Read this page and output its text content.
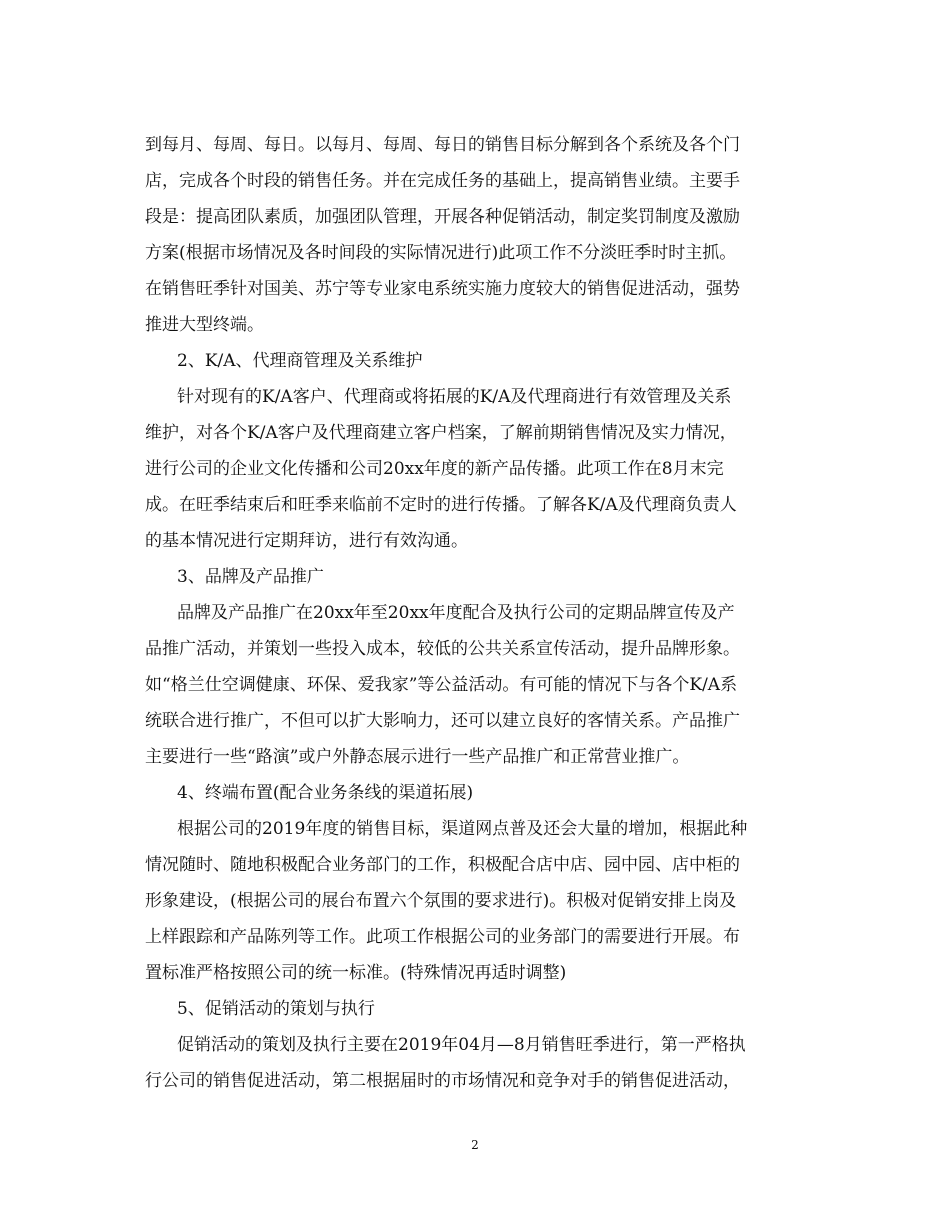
到每月、每周、每日。以每月、每周、每日的销售目标分解到各个系统及各个门
店，完成各个时段的销售任务。并在完成任务的基础上，提高销售业绩。主要手
段是：提高团队素质，加强团队管理，开展各种促销活动，制定奖罚制度及激励
方案(根据市场情况及各时间段的实际情况进行)此项工作不分淡旺季时时主抓。
在销售旺季针对国美、苏宁等专业家电系统实施力度较大的销售促进活动，强势
推进大型终端。
2、K/A、代理商管理及关系维护
针对现有的K/A客户、代理商或将拓展的K/A及代理商进行有效管理及关系
维护，对各个K/A客户及代理商建立客户档案，了解前期销售情况及实力情况，
进行公司的企业文化传播和公司20xx年度的新产品传播。此项工作在8月末完
成。在旺季结束后和旺季来临前不定时的进行传播。了解各K/A及代理商负责人
的基本情况进行定期拜访，进行有效沟通。
3、品牌及产品推广
品牌及产品推广在20xx年至20xx年度配合及执行公司的定期品牌宣传及产
品推广活动，并策划一些投入成本，较低的公共关系宣传活动，提升品牌形象。
如“格兰仕空调健康、环保、爱我家”等公益活动。有可能的情况下与各个K/A系
统联合进行推广，不但可以扩大影响力，还可以建立良好的客情关系。产品推广
主要进行一些“路演”或户外静态展示进行一些产品推广和正常营业推广。
4、终端布置(配合业务条线的渠道拓展)
根据公司的2019年度的销售目标，渠道网点普及还会大量的增加，根据此种
情况随时、随地积极配合业务部门的工作，积极配合店中店、园中园、店中柜的
形象建设，(根据公司的展台布置六个氛围的要求进行)。积极对促销安排上岗及
上样跟踪和产品陈列等工作。此项工作根据公司的业务部门的需要进行开展。布
置标准严格按照公司的统一标准。(特殊情况再适时调整)
5、促销活动的策划与执行
促销活动的策划及执行主要在2019年04月—8月销售旺季进行，第一严格执
行公司的销售促进活动，第二根据届时的市场情况和竞争对手的销售促进活动，
2
